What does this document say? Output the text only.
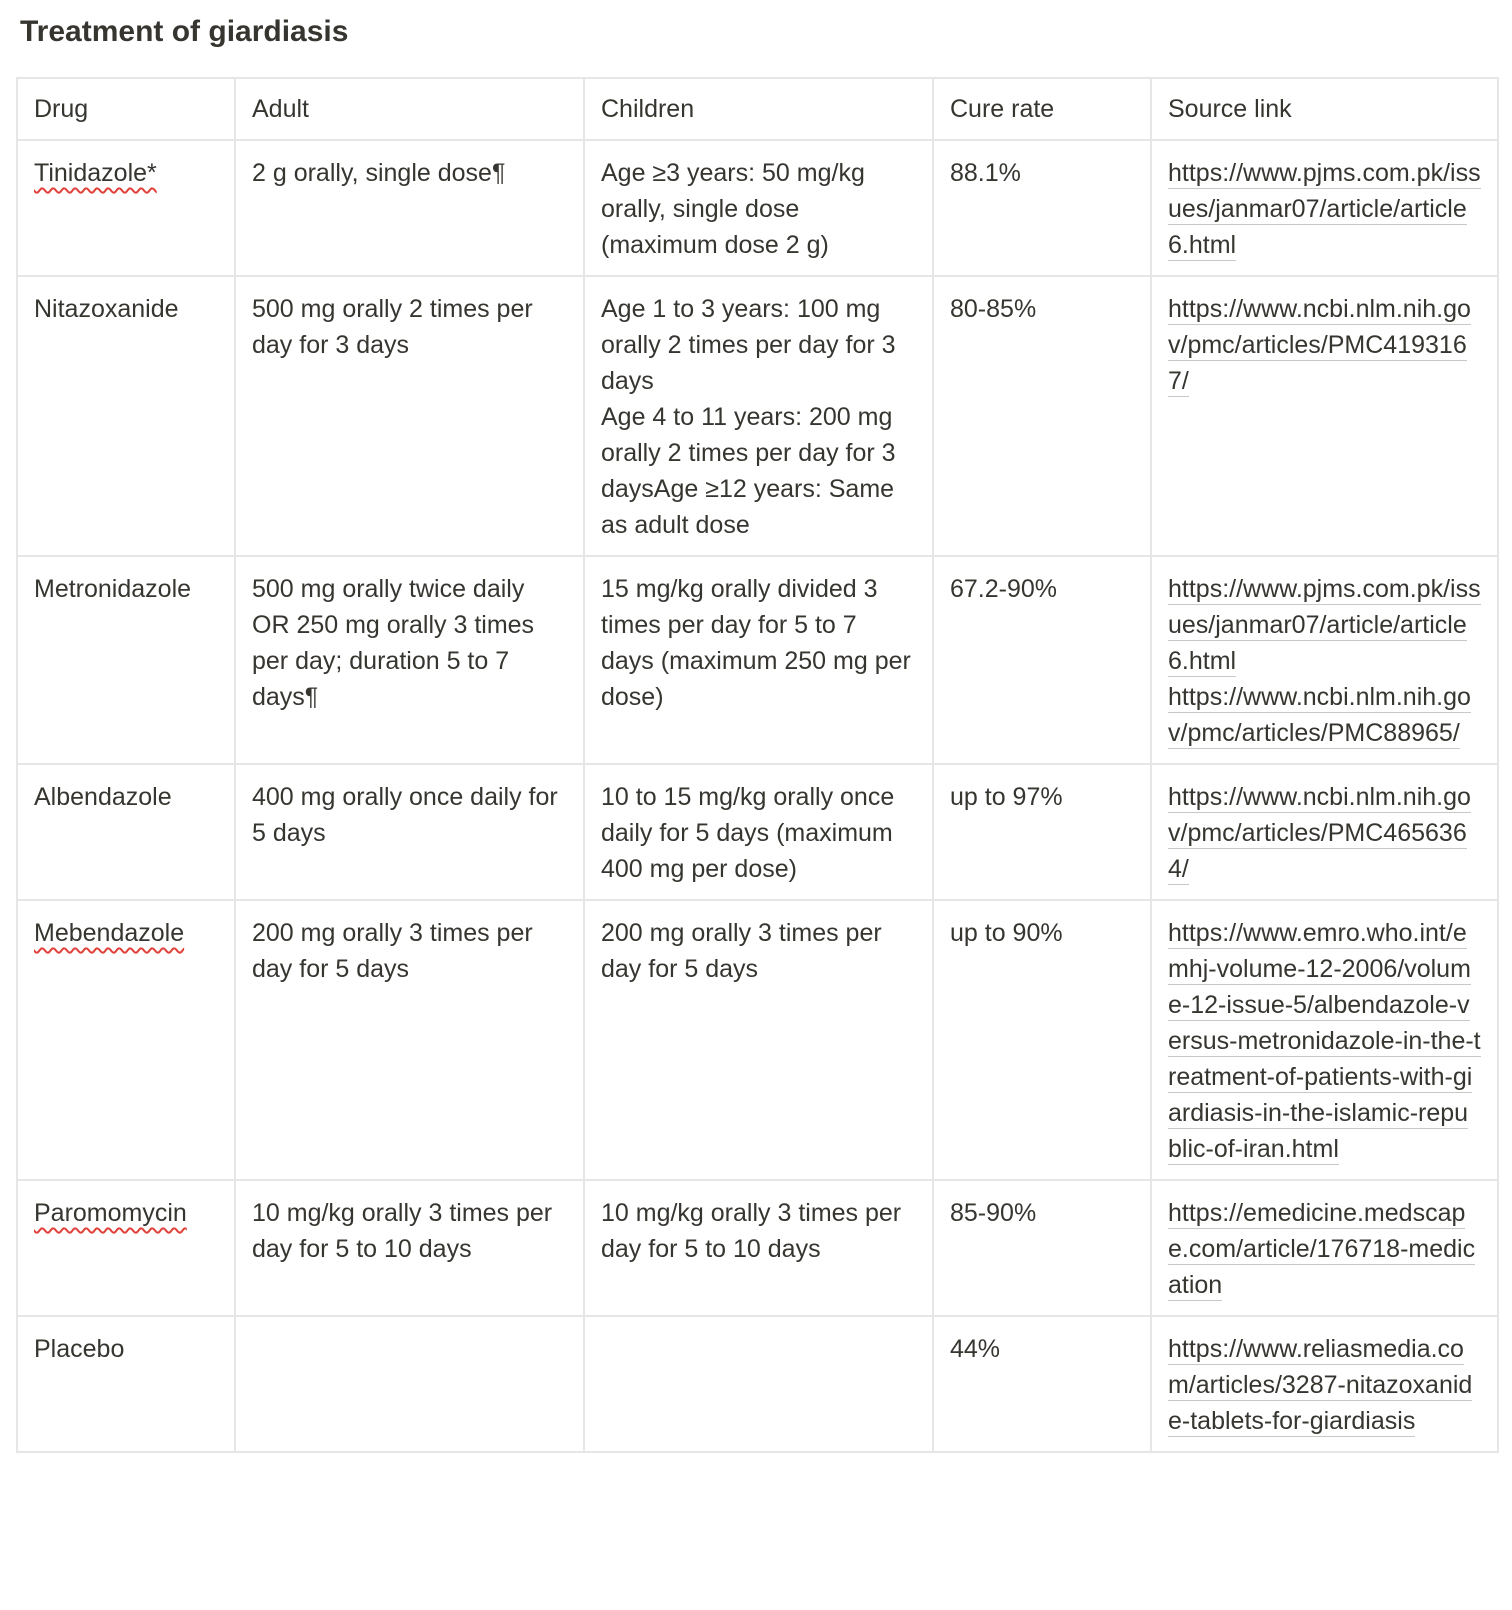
Treatment of giardiasis
Drug	Adult	Children	Cure rate	Source link
Tinidazole*	2 g orally, single dose¶	Age ≥3 years: 50 mg/kg orally, single dose (maximum dose 2 g)	88.1%	https://www.pjms.com.pk/issues/janmar07/article/article6.html

Nitazoxanide	500 mg orally 2 times per day for 3 days	Age 1 to 3 years: 100 mg orally 2 times per day for 3 days
Age 4 to 11 years: 200 mg orally 2 times per day for 3 daysAge ≥12 years: Same as adult dose	80-85%	https://www.ncbi.nlm.nih.gov/pmc/articles/PMC4193167/

Metronidazole	500 mg orally twice daily OR 250 mg orally 3 times per day; duration 5 to 7 days¶	15 mg/kg orally divided 3 times per day for 5 to 7 days (maximum 250 mg per dose)	67.2-90%	https://www.pjms.com.pk/issues/janmar07/article/article6.html
https://www.ncbi.nlm.nih.gov/pmc/articles/PMC88965/

Albendazole	400 mg orally once daily for 5 days	10 to 15 mg/kg orally once daily for 5 days (maximum 400 mg per dose)	up to 97%	https://www.ncbi.nlm.nih.gov/pmc/articles/PMC4656364/

Mebendazole	200 mg orally 3 times per day for 5 days	200 mg orally 3 times per day for 5 days	up to 90%	https://www.emro.who.int/emhj-volume-12-2006/volume-12-issue-5/albendazole-versus-metronidazole-in-the-treatment-of-patients-with-giardiasis-in-the-islamic-republic-of-iran.html

Paromomycin	10 mg/kg orally 3 times per day for 5 to 10 days	10 mg/kg orally 3 times per day for 5 to 10 days	85-90%	https://emedicine.medscape.com/article/176718-medication

Placebo			44%	https://www.reliasmedia.com/articles/3287-nitazoxanide-tablets-for-giardiasis
